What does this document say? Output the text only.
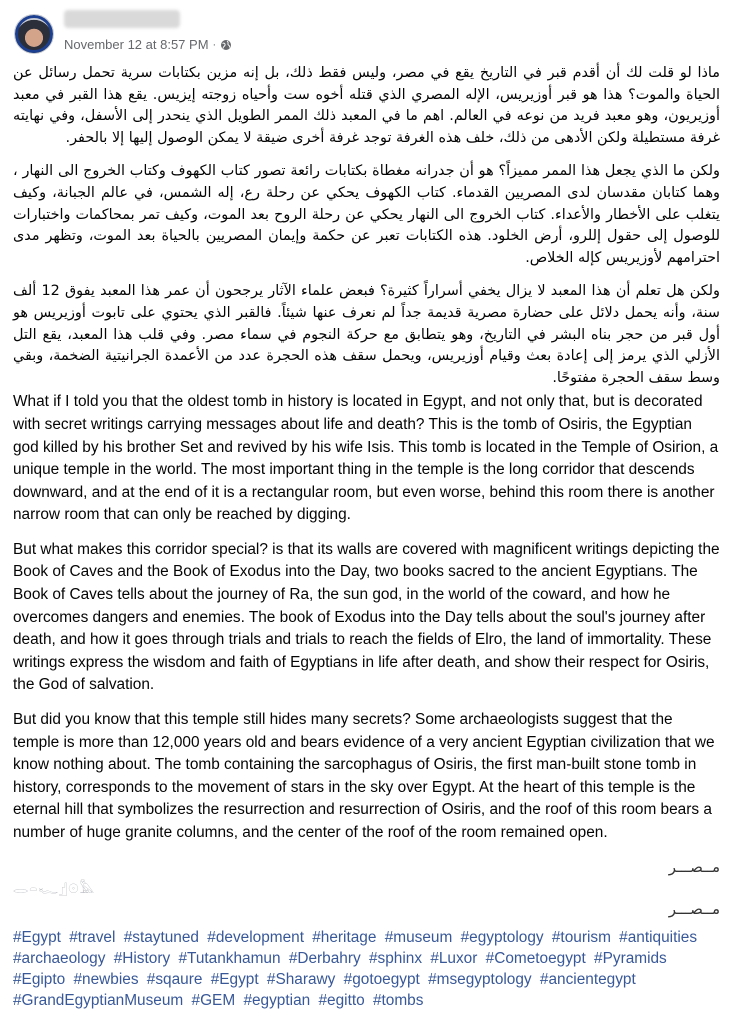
November 12 at 8:57 PM ·

ماذا لو قلت لك أن أقدم قبر في التاريخ يقع في مصر، وليس فقط ذلك، بل إنه مزين بكتابات سرية تحمل رسائل عن الحياة والموت؟ هذا هو قبر أوزيريس، الإله المصري الذي قتله أخوه ست وأحياه زوجته إيزيس. يقع هذا القبر في معبد أوزيريون، وهو معبد فريد من نوعه في العالم. اهم ما في المعبد ذلك الممر الطويل الذي ينحدر إلى الأسفل، وفي نهايته غرفة مستطيلة ولكن الأدهى من ذلك، خلف هذه الغرفة توجد غرفة أخرى ضيقة لا يمكن الوصول إليها إلا بالحفر.

ولكن ما الذي يجعل هذا الممر مميزاً؟ هو أن جدرانه مغطاة بكتابات رائعة تصور كتاب الكهوف وكتاب الخروج الى النهار ، وهما كتابان مقدسان لدى المصريين القدماء. كتاب الكهوف يحكي عن رحلة رع، إله الشمس، في عالم الجبانة، وكيف يتغلب على الأخطار والأعداء. كتاب الخروج الى النهار يحكي عن رحلة الروح بعد الموت، وكيف تمر بمحاكمات واختبارات للوصول إلى حقول إللرو، أرض الخلود. هذه الكتابات تعبر عن حكمة وإيمان المصريين بالحياة بعد الموت، وتظهر مدى احترامهم لأوزيريس كإله الخلاص.

ولكن هل تعلم أن هذا المعبد لا يزال يخفي أسراراً كثيرة؟ فبعض علماء الآثار يرجحون أن عمر هذا المعبد يفوق 12 ألف سنة، وأنه يحمل دلائل على حضارة مصرية قديمة جداً لم نعرف عنها شيئاً. فالقبر الذي يحتوي على تابوت أوزيريس هو أول قبر من حجر بناه البشر في التاريخ، وهو يتطابق مع حركة النجوم في سماء مصر. وفي قلب هذا المعبد، يقع التل الأزلي الذي يرمز إلى إعادة بعث وقيام أوزيريس، ويحمل سقف هذه الحجرة عدد من الأعمدة الجرانيتية الضخمة، وبقي وسط سقف الحجرة مفتوحًا.

What if I told you that the oldest tomb in history is located in Egypt, and not only that, but is decorated with secret writings carrying messages about life and death? This is the tomb of Osiris, the Egyptian god killed by his brother Set and revived by his wife Isis. This tomb is located in the Temple of Osirion, a unique temple in the world. The most important thing in the temple is the long corridor that descends downward, and at the end of it is a rectangular room, but even worse, behind this room there is another narrow room that can only be reached by digging.

But what makes this corridor special? is that its walls are covered with magnificent writings depicting the Book of Caves and the Book of Exodus into the Day, two books sacred to the ancient Egyptians. The Book of Caves tells about the journey of Ra, the sun god, in the world of the coward, and how he overcomes dangers and enemies. The book of Exodus into the Day tells about the soul's journey after death, and how it goes through trials and trials to reach the fields of Elro, the land of immortality. These writings express the wisdom and faith of Egyptians in life after death, and show their respect for Osiris, the God of salvation.

But did you know that this temple still hides many secrets? Some archaeologists suggest that the temple is more than 12,000 years old and bears evidence of a very ancient Egyptian civilization that we know nothing about. The tomb containing the sarcophagus of Osiris, the first man-built stone tomb in history, corresponds to the movement of stars in the sky over Egypt. At the heart of this temple is the eternal hill that symbolizes the resurrection and resurrection of Osiris, and the roof of this room bears a number of huge granite columns, and the center of the roof of the room remained open.

مــصـــر
𓂋𓏏𓆑𓊨𓇳𓅓
مــصـــر
#Egypt #travel #staytuned #development #heritage #museum #egyptology #tourism #antiquities #archaeology #History #Tutankhamun #Derbahry #sphinx #Luxor #Cometoegypt #Pyramids #Egipto #newbies #sqaure #Egypt #Sharawy #gotoegypt #msegyptology #ancientegypt #GrandEgyptianMuseum #GEM #egyptian #egitto #tombs
